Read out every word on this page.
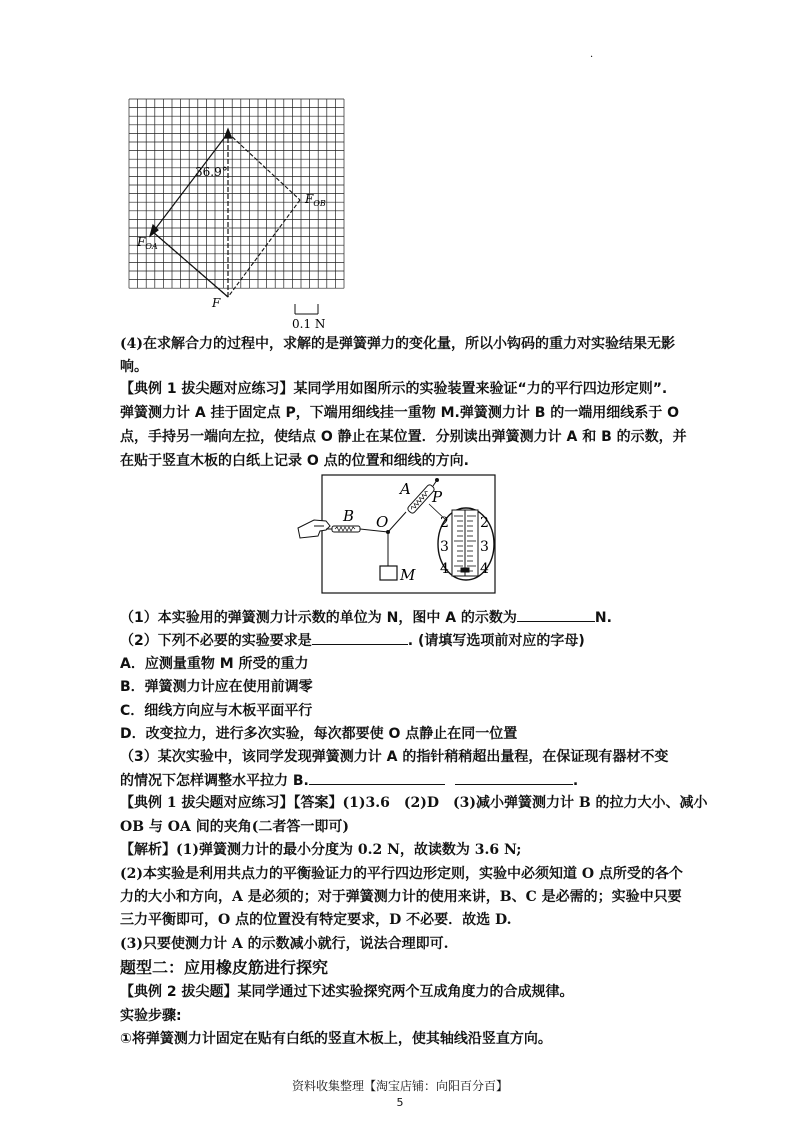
·
36.9°
$F_{OB}$
$F_{OA}$
F
0.1 N
(4)在求解合力的过程中，求解的是弹簧弹力的变化量，所以小钩码的重力对实验结果无影
响。
【典例 1 拔尖题对应练习】某同学用如图所示的实验装置来验证“力的平行四边形定则”.
弹簧测力计 A 挂于固定点 P，下端用细线挂一重物 M.弹簧测力计 B 的一端用细线系于 O
点，手持另一端向左拉，使结点 O 静止在某位置．分别读出弹簧测力计 A 和 B 的示数，并
在贴于竖直木板的白纸上记录 O 点的位置和细线的方向.
A P
B O
M
2
3
4
2
3
4
（1）本实验用的弹簧测力计示数的单位为 N，图中 A 的示数为	N.
（2）下列不必要的实验要求是	. (请填写选项前对应的字母)
A．应测量重物 M 所受的重力
B．弹簧测力计应在使用前调零
C．细线方向应与木板平面平行
D．改变拉力，进行多次实验，每次都要使 O 点静止在同一位置
（3）某次实验中，该同学发现弹簧测力计 A 的指针稍稍超出量程，在保证现有器材不变
的情况下怎样调整水平拉力 B.	.
【典例 1 拔尖题对应练习】【答案】(1)3.6　(2)D　(3)减小弹簧测力计 B 的拉力大小、减小
OB 与 OA 间的夹角(二者答一即可)
【解析】(1)弹簧测力计的最小分度为 0.2 N，故读数为 3.6 N;
(2)本实验是利用共点力的平衡验证力的平行四边形定则，实验中必须知道 O 点所受的各个
力的大小和方向，A 是必须的；对于弹簧测力计的使用来讲，B、C 是必需的；实验中只要
三力平衡即可，O 点的位置没有特定要求，D 不必要．故选 D.
(3)只要使测力计 A 的示数减小就行，说法合理即可.
题型二：应用橡皮筋进行探究
【典例 2 拔尖题】某同学通过下述实验探究两个互成角度力的合成规律。
实验步骤:
①将弹簧测力计固定在贴有白纸的竖直木板上，使其轴线沿竖直方向。
资料收集整理【淘宝店铺：向阳百分百】
5
